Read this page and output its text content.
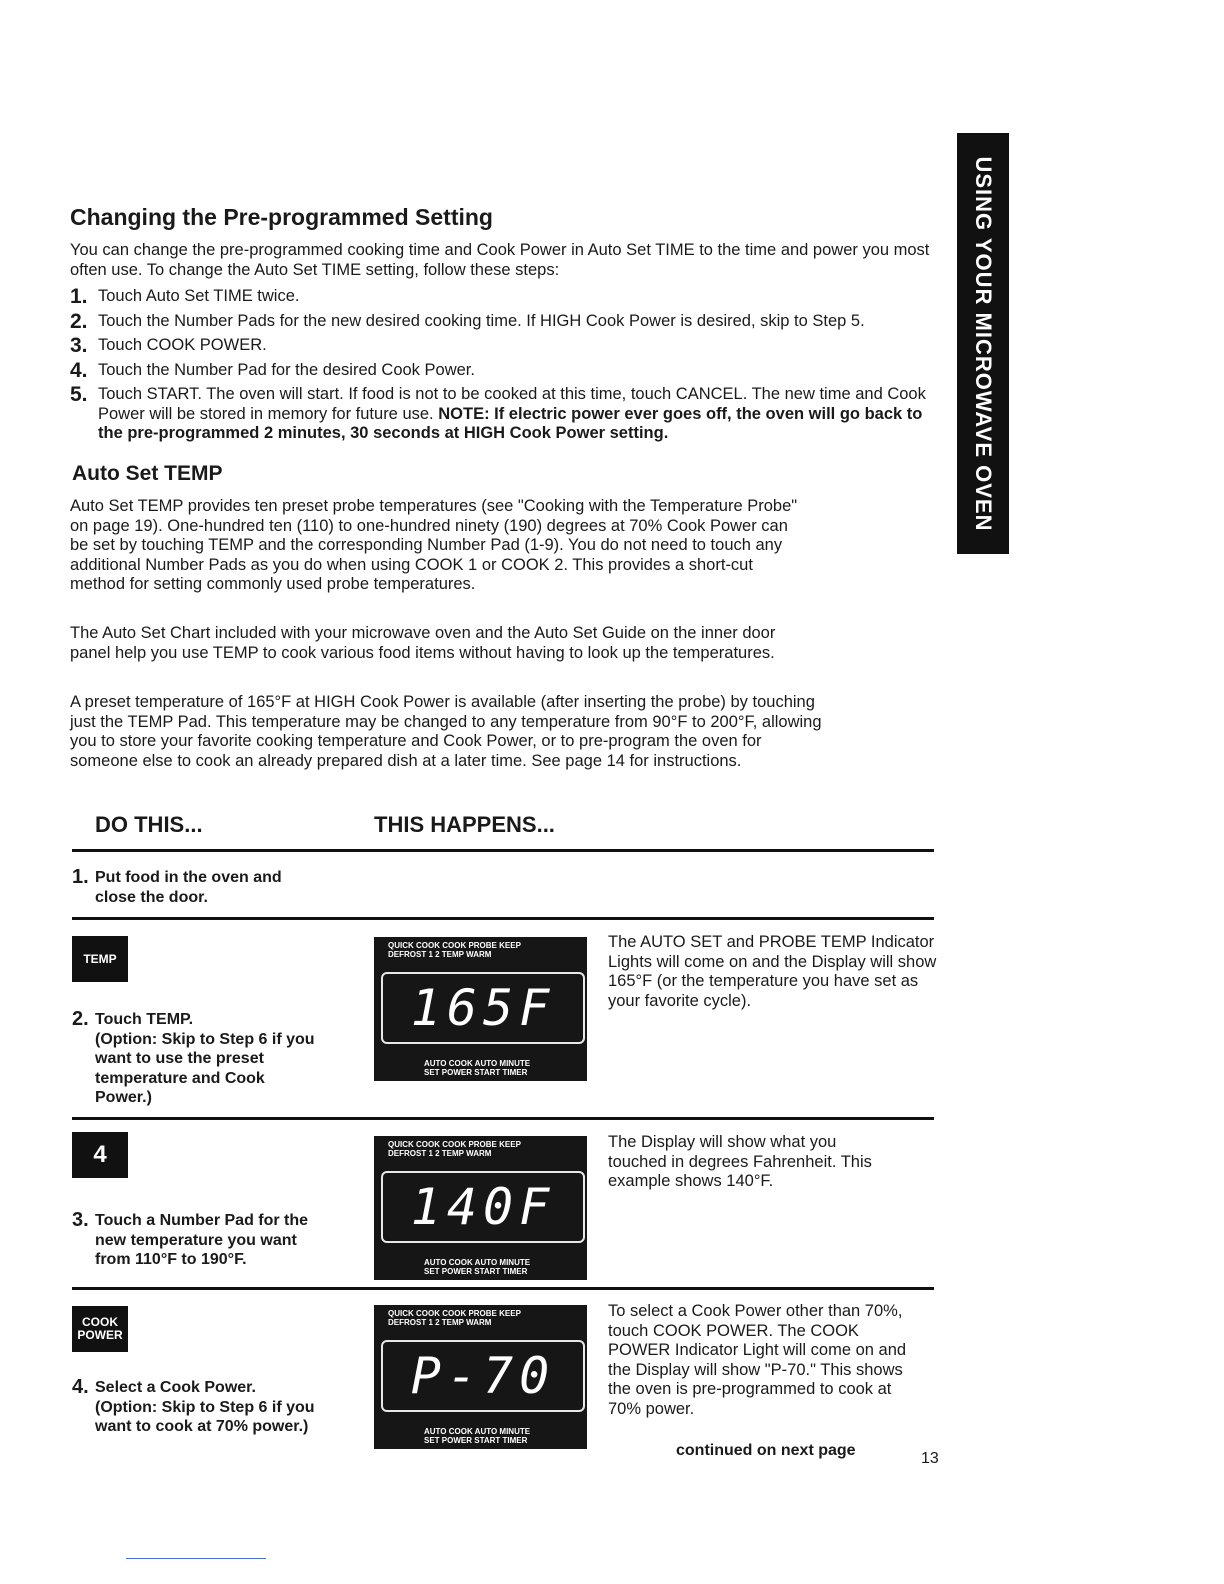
USING YOUR MICROWAVE OVEN
Changing the Pre-programmed Setting

You can change the pre-programmed cooking time and Cook Power in Auto Set TIME to the time and power you most often use. To change the Auto Set TIME setting, follow these steps:

1. Touch Auto Set TIME twice.
2. Touch the Number Pads for the new desired cooking time. If HIGH Cook Power is desired, skip to Step 5.
3. Touch COOK POWER.
4. Touch the Number Pad for the desired Cook Power.
5. Touch START. The oven will start. If food is not to be cooked at this time, touch CANCEL. The new time and Cook Power will be stored in memory for future use. NOTE: If electric power ever goes off, the oven will go back to the pre-programmed 2 minutes, 30 seconds at HIGH Cook Power setting.
Auto Set TEMP

Auto Set TEMP provides ten preset probe temperatures (see "Cooking with the Temperature Probe" on page 19). One-hundred ten (110) to one-hundred ninety (190) degrees at 70% Cook Power can be set by touching TEMP and the corresponding Number Pad (1-9). You do not need to touch any additional Number Pads as you do when using COOK 1 or COOK 2. This provides a short-cut method for setting commonly used probe temperatures.

The Auto Set Chart included with your microwave oven and the Auto Set Guide on the inner door panel help you use TEMP to cook various food items without having to look up the temperatures.

A preset temperature of 165°F at HIGH Cook Power is available (after inserting the probe) by touching just the TEMP Pad. This temperature may be changed to any temperature from 90°F to 200°F, allowing you to store your favorite cooking temperature and Cook Power, or to pre-program the oven for someone else to cook an already prepared dish at a later time. See page 14 for instructions.

DO THIS...	THIS HAPPENS...
1. Put food in the oven and close the door.
TEMP
2. Touch TEMP.
(Option: Skip to Step 6 if you want to use the preset temperature and Cook Power.)
QUICK COOK COOK PROBE KEEP
DEFROST 1 2 TEMP WARM
165F
AUTO COOK AUTO MINUTE
SET POWER START TIMER
The AUTO SET and PROBE TEMP Indicator Lights will come on and the Display will show 165°F (or the temperature you have set as your favorite cycle).
4
3. Touch a Number Pad for the new temperature you want from 110°F to 190°F.
QUICK COOK COOK PROBE KEEP
DEFROST 1 2 TEMP WARM
140F
AUTO COOK AUTO MINUTE
SET POWER START TIMER
The Display will show what you touched in degrees Fahrenheit. This example shows 140°F.
COOK POWER
4. Select a Cook Power.
(Option: Skip to Step 6 if you want to cook at 70% power.)
QUICK COOK COOK PROBE KEEP
DEFROST 1 2 TEMP WARM
P-70
AUTO COOK AUTO MINUTE
SET POWER START TIMER
To select a Cook Power other than 70%, touch COOK POWER. The COOK POWER Indicator Light will come on and the Display will show "P-70." This shows the oven is pre-programmed to cook at 70% power.
continued on next page	13
